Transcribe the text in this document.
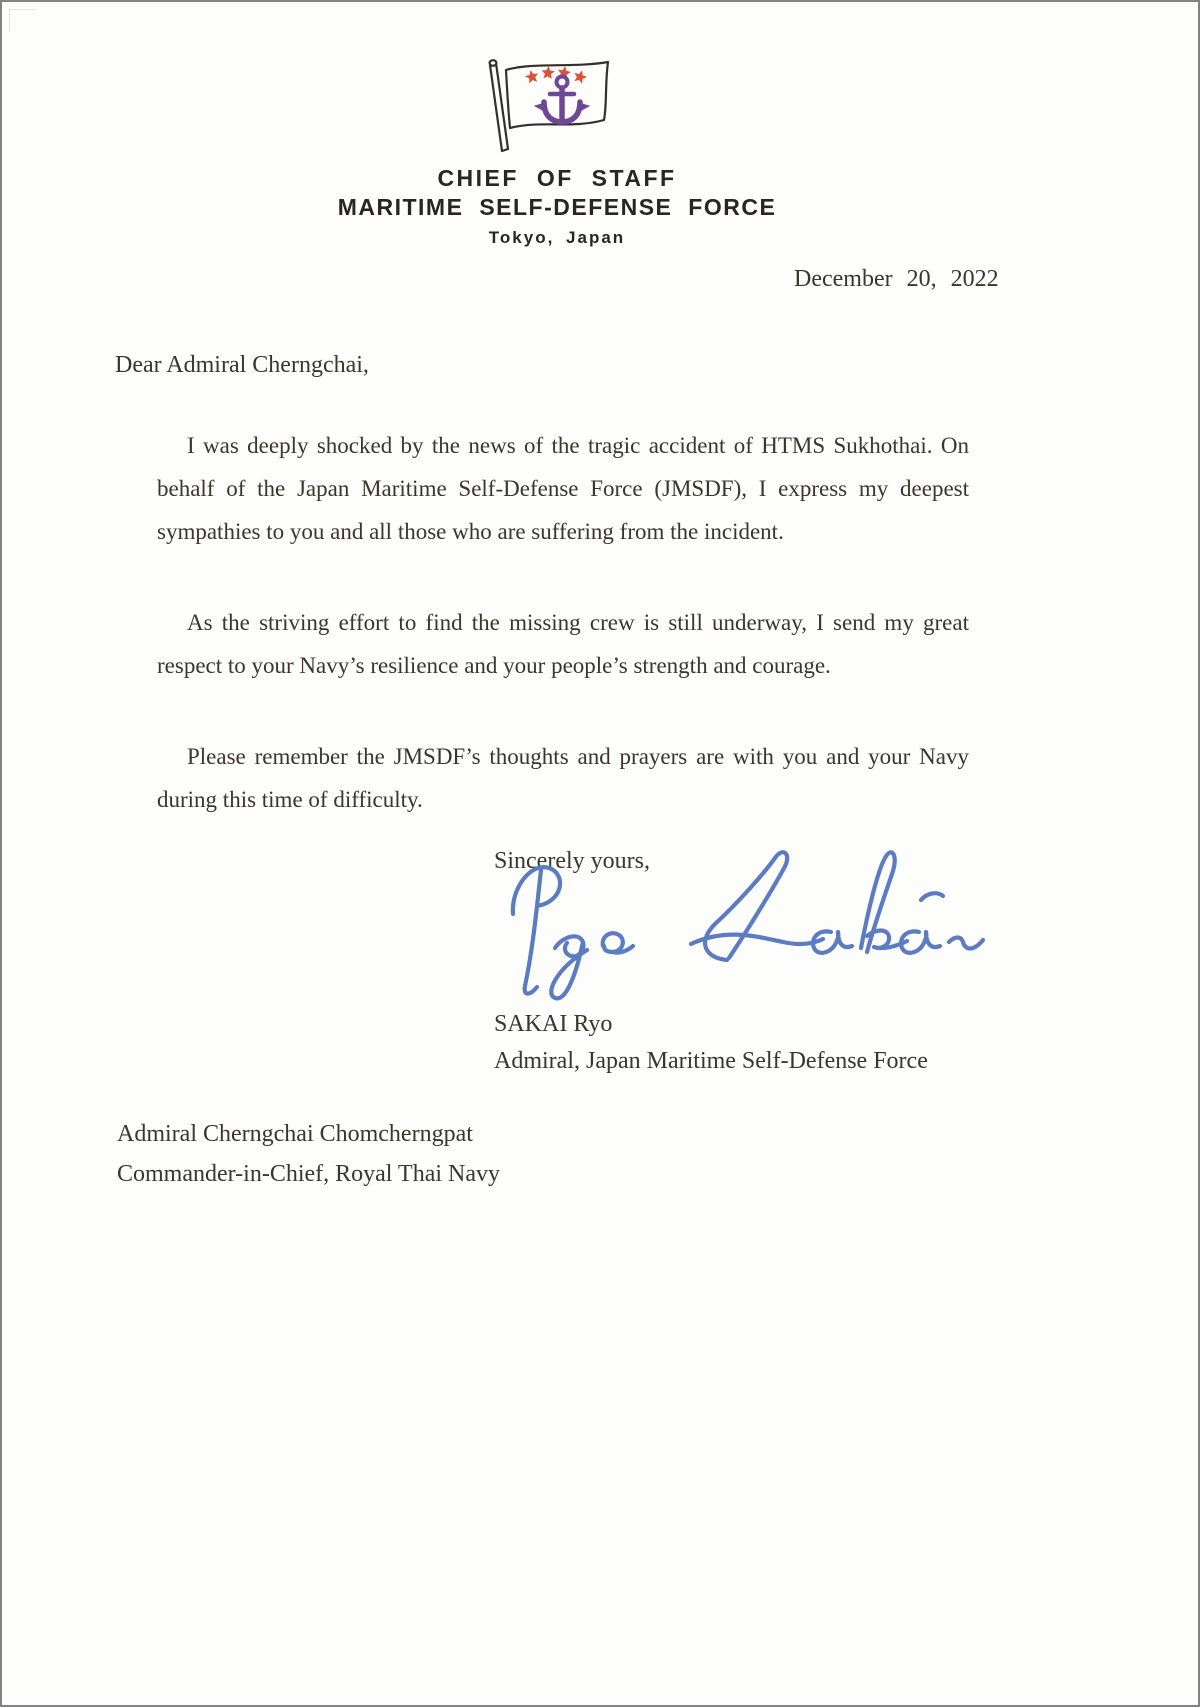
CHIEF OF STAFF
MARITIME SELF-DEFENSE FORCE
Tokyo, Japan
December 20, 2022
Dear Admiral Cherngchai,

I was deeply shocked by the news of the tragic accident of HTMS Sukhothai. On behalf of the Japan Maritime Self-Defense Force (JMSDF), I express my deepest sympathies to you and all those who are suffering from the incident.

As the striving effort to find the missing crew is still underway, I send my great respect to your Navy’s resilience and your people’s strength and courage.

Please remember the JMSDF’s thoughts and prayers are with you and your Navy during this time of difficulty.

Sincerely yours,
SAKAI Ryo
Admiral, Japan Maritime Self-Defense Force
Admiral Cherngchai Chomcherngpat
Commander-in-Chief, Royal Thai Navy
